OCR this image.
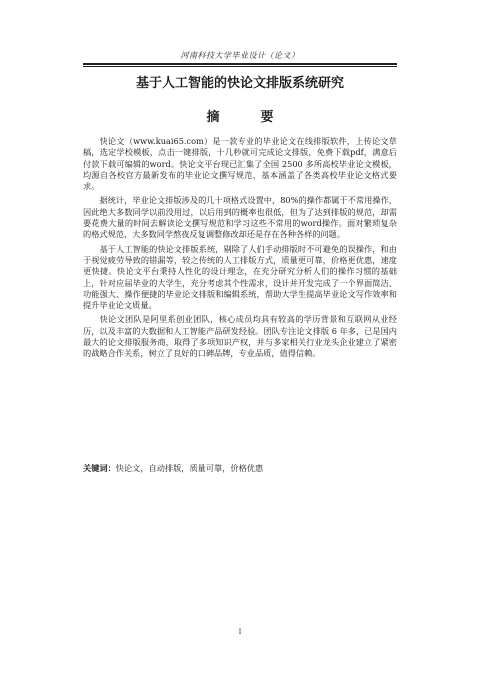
河南科技大学毕业设计（论文）
基于人工智能的快论文排版系统研究
摘　要

快论文（www.kuai65.com）是一款专业的毕业论文在线排版软件，上传论文草稿，选定学校模板，点击一键排版，十几秒就可完成论文排版，免费下载pdf，满意后付款下载可编辑的word。快论文平台现已汇集了全国 2500 多所高校毕业论文模板，均源自各校官方最新发布的毕业论文撰写规范，基本涵盖了各类高校毕业论文格式要求。

据统计，毕业论文排版涉及的几十项格式设置中，80%的操作都属于不常用操作，因此绝大多数同学以前没用过，以后用到的概率也很低，但为了达到排版的规范，却需要花费大量的时间去解读论文撰写规范和学习这些不常用的word操作。面对繁琐复杂的格式规范，大多数同学熬夜反复调整修改却还是存在各种各样的问题。

基于人工智能的快论文排版系统，剔除了人们手动排版时不可避免的误操作，和由于视觉疲劳导致的错漏等，较之传统的人工排版方式，质量更可靠，价格更优惠，速度更快捷。快论文平台秉持人性化的设计理念，在充分研究分析人们的操作习惯的基础上，针对应届毕业的大学生，充分考虑其个性需求，设计并开发完成了一个界面简洁、功能强大、操作便捷的毕业论文排版和编辑系统，帮助大学生提高毕业论文写作效率和提升毕业论文质量。

快论文团队是阿里系创业团队，核心成员均具有较高的学历背景和互联网从业经历，以及丰富的大数据和人工智能产品研发经验。团队专注论文排版 6 年多，已是国内最大的论文排版服务商，取得了多项知识产权，并与多家相关行业龙头企业建立了紧密的战略合作关系，树立了良好的口碑品牌，专业品质，值得信赖。

关键词：快论文，自动排版，质量可靠，价格优惠
I
